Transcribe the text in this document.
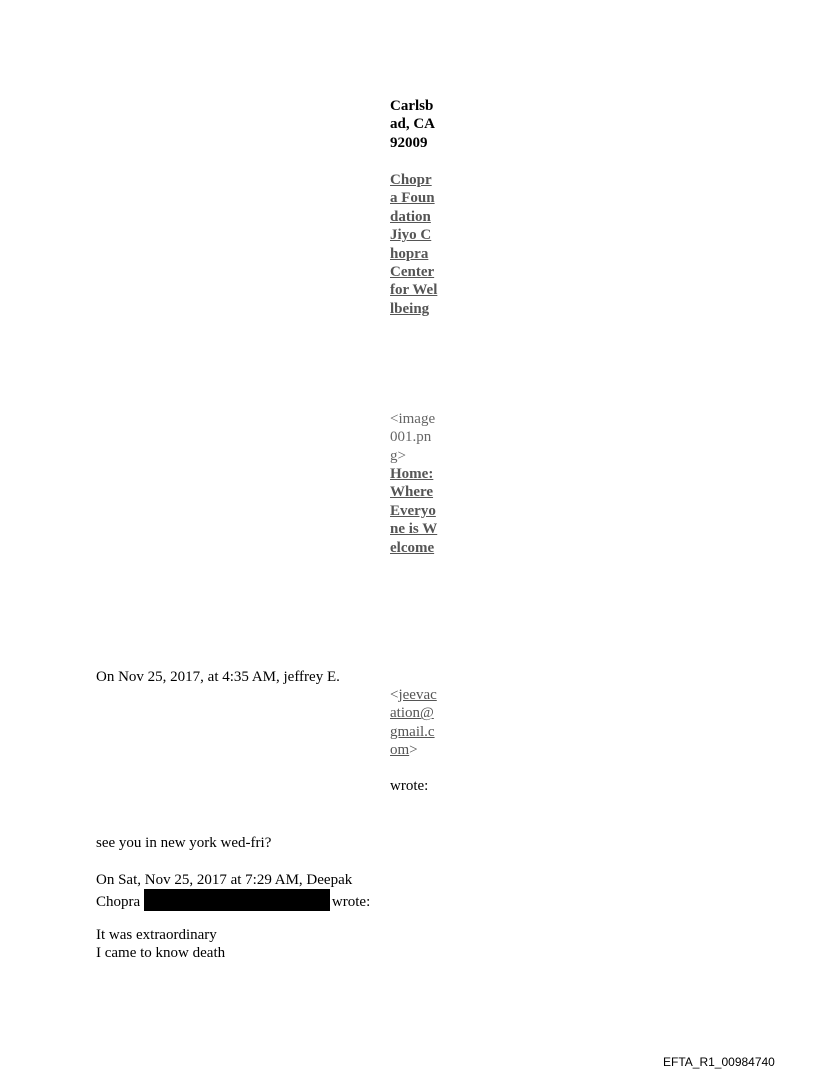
Carlsbad, CA 92009
Chopra Foundation Jiyo Chopra Center for Wellbeing
<image001.png>
Home: Where Everyone is Welcome
On Nov 25, 2017, at 4:35 AM, jeffrey E.
<jeevacation@gmail.com>
wrote:
see you in new york wed-fri?
On Sat, Nov 25, 2017 at 7:29 AM, Deepak
Chopra	wrote:
It was extraordinary
I came to know death
EFTA_R1_00984740
